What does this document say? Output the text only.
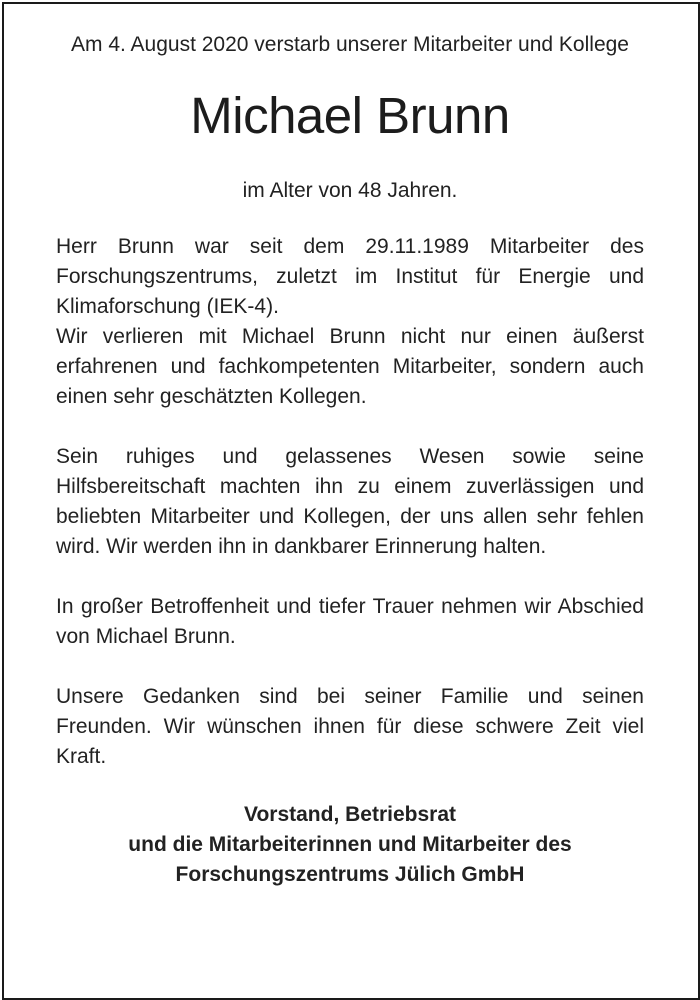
Am 4. August 2020 verstarb unserer Mitarbeiter und Kollege

Michael Brunn

im Alter von 48 Jahren.

Herr Brunn war seit dem 29.11.1989 Mitarbeiter des Forschungszentrums, zuletzt im Institut für Energie und Klimaforschung (IEK-4).

Wir verlieren mit Michael Brunn nicht nur einen äußerst erfahrenen und fachkompetenten Mitarbeiter, sondern auch einen sehr geschätzten Kollegen.

Sein ruhiges und gelassenes Wesen sowie seine Hilfsbereitschaft machten ihn zu einem zuverlässigen und beliebten Mitarbeiter und Kollegen, der uns allen sehr fehlen wird. Wir werden ihn in dankbarer Erinnerung halten.

In großer Betroffenheit und tiefer Trauer nehmen wir Abschied von Michael Brunn.

Unsere Gedanken sind bei seiner Familie und seinen Freunden. Wir wünschen ihnen für diese schwere Zeit viel Kraft.

Vorstand, Betriebsrat
und die Mitarbeiterinnen und Mitarbeiter des
Forschungszentrums Jülich GmbH
